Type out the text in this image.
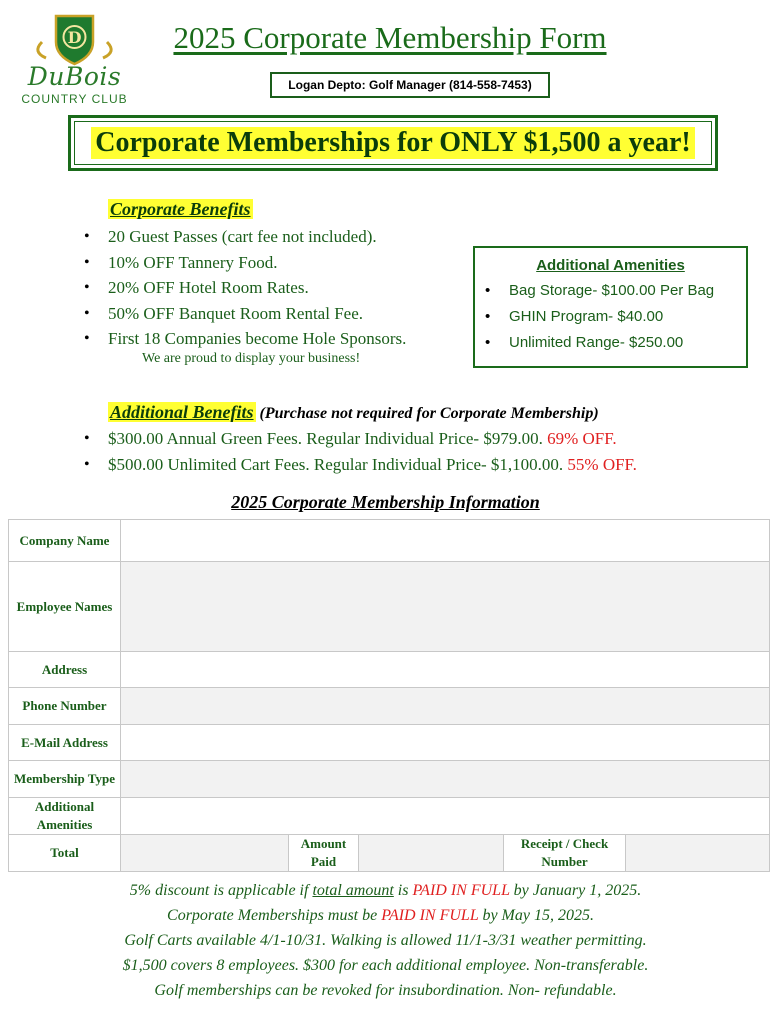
D
DuBois
COUNTRY CLUB
2025 Corporate Membership Form
Logan Depto: Golf Manager (814-558-7453)
Corporate Memberships for ONLY $1,500 a year!
Corporate Benefits
• 20 Guest Passes (cart fee not included).
• 10% OFF Tannery Food.
• 20% OFF Hotel Room Rates.
• 50% OFF Banquet Room Rental Fee.
• First 18 Companies become Hole Sponsors.
We are proud to display your business!
Additional Amenities
• Bag Storage- $100.00 Per Bag
• GHIN Program- $40.00
• Unlimited Range- $250.00
Additional Benefits (Purchase not required for Corporate Membership)
• $300.00 Annual Green Fees. Regular Individual Price- $979.00. 69% OFF.
• $500.00 Unlimited Cart Fees. Regular Individual Price- $1,100.00. 55% OFF.
2025 Corporate Membership Information
Company Name					
Employee Names					
Address					
Phone Number					
E-Mail Address					
Membership Type					
Additional Amenities					
Total		Amount Paid		Receipt / Check Number	
5% discount is applicable if total amount is PAID IN FULL by January 1, 2025.
Corporate Memberships must be PAID IN FULL by May 15, 2025.
Golf Carts available 4/1-10/31. Walking is allowed 11/1-3/31 weather permitting.
$1,500 covers 8 employees. $300 for each additional employee. Non-transferable.
Golf memberships can be revoked for insubordination. Non- refundable.
